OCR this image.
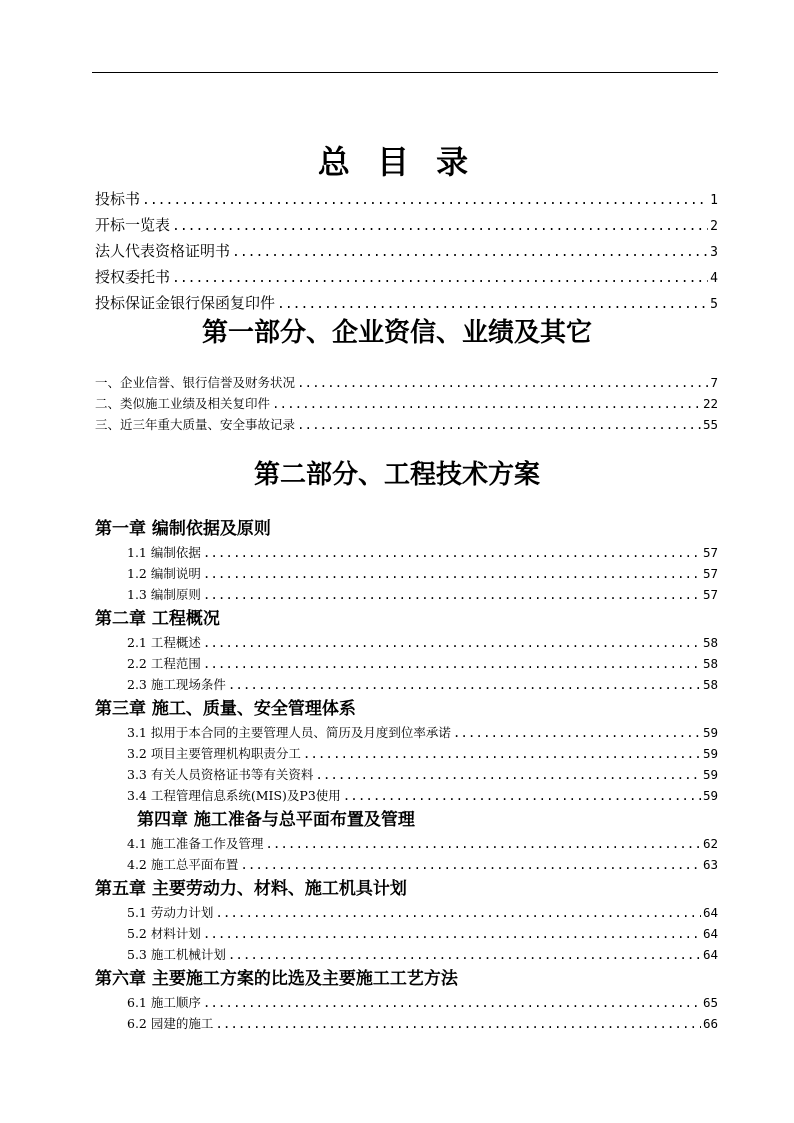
总 目 录
投标书 .....	1
开标一览表 .....	2
法人代表资格证明书 .....	3
授权委托书 .....	4
投标保证金银行保函复印件 .....	5
第一部分、企业资信、业绩及其它
一、企业信誉、银行信誉及财务状况 .....	7
二、类似施工业绩及相关复印件 .....	22
三、近三年重大质量、安全事故记录 .....	55
第二部分、工程技术方案
第一章 编制依据及原则
1.1 编制依据 .....	57
1.2 编制说明 .....	57
1.3 编制原则 .....	57
第二章 工程概况
2.1 工程概述 .....	58
2.2 工程范围 .....	58
2.3 施工现场条件 .....	58
第三章 施工、质量、安全管理体系
3.1 拟用于本合同的主要管理人员、简历及月度到位率承诺 .....	59
3.2 项目主要管理机构职责分工 .....	59
3.3 有关人员资格证书等有关资料 .....	59
3.4 工程管理信息系统(MIS)及P3使用 .....	59
第四章 施工准备与总平面布置及管理
4.1 施工准备工作及管理 .....	62
4.2 施工总平面布置 .....	63
第五章 主要劳动力、材料、施工机具计划
5.1 劳动力计划 .....	64
5.2 材料计划 .....	64
5.3 施工机械计划 .....	64
第六章 主要施工方案的比选及主要施工工艺方法
6.1 施工顺序 .....	65
6.2 园建的施工 .....	66
